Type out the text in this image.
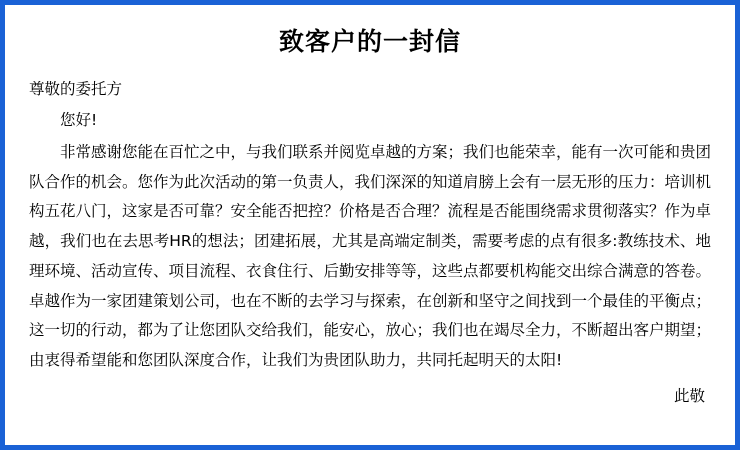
致客户的一封信

尊敬的委托方

您好!

非常感谢您能在百忙之中，与我们联系并阅览卓越的方案；我们也能荣幸，能有一次可能和贵团队合作的机会。您作为此次活动的第一负责人，我们深深的知道肩膀上会有一层无形的压力：培训机构五花八门，这家是否可靠？安全能否把控？价格是否合理？流程是否能围绕需求贯彻落实？作为卓越，我们也在去思考HR的想法；团建拓展，尤其是高端定制类，需要考虑的点有很多:教练技术、地理环境、活动宣传、项目流程、衣食住行、后勤安排等等，这些点都要机构能交出综合满意的答卷。卓越作为一家团建策划公司，也在不断的去学习与探索，在创新和坚守之间找到一个最佳的平衡点；这一切的行动，都为了让您团队交给我们，能安心，放心；我们也在竭尽全力，不断超出客户期望；由衷得希望能和您团队深度合作，让我们为贵团队助力，共同托起明天的太阳!

此敬
